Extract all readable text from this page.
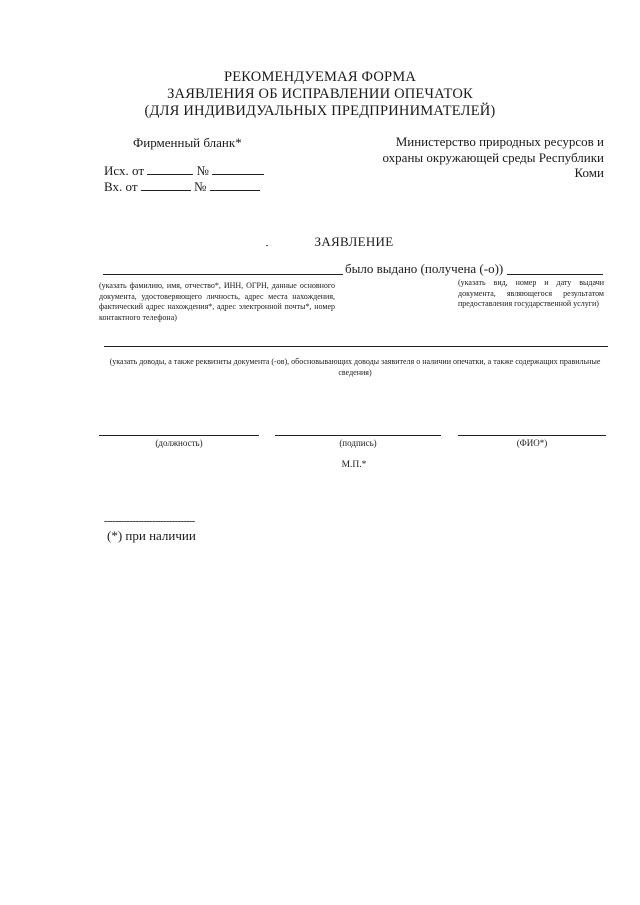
РЕКОМЕНДУЕМАЯ ФОРМА
ЗАЯВЛЕНИЯ ОБ ИСПРАВЛЕНИИ ОПЕЧАТОК
(ДЛЯ ИНДИВИДУАЛЬНЫХ ПРЕДПРИНИМАТЕЛЕЙ)
Фирменный бланк*	Министерство природных ресурсов и
охраны окружающей среды Республики
Коми
Исх. от	№
Вх. от	№
ЗАЯВЛЕНИЕ
было выдано (получена (-о))
(указать фамилию, имя, отчество*, ИНН, ОГРН, данные основного документа, удостоверяющего личность, адрес места нахождения, фактический адрес нахождения*, адрес электронной почты*, номер контактного телефона)
(указать вид, номер и дату выдачи документа, являющегося результатом предоставления государственной услуги)
(указать доводы, а также реквизиты документа (-ов), обосновывающих доводы заявителя о наличии опечатки, а также содержащих правильные сведения)
(должность)	(подпись)	(ФИО*)
М.П.*
--------------------------------
(*) при наличии
